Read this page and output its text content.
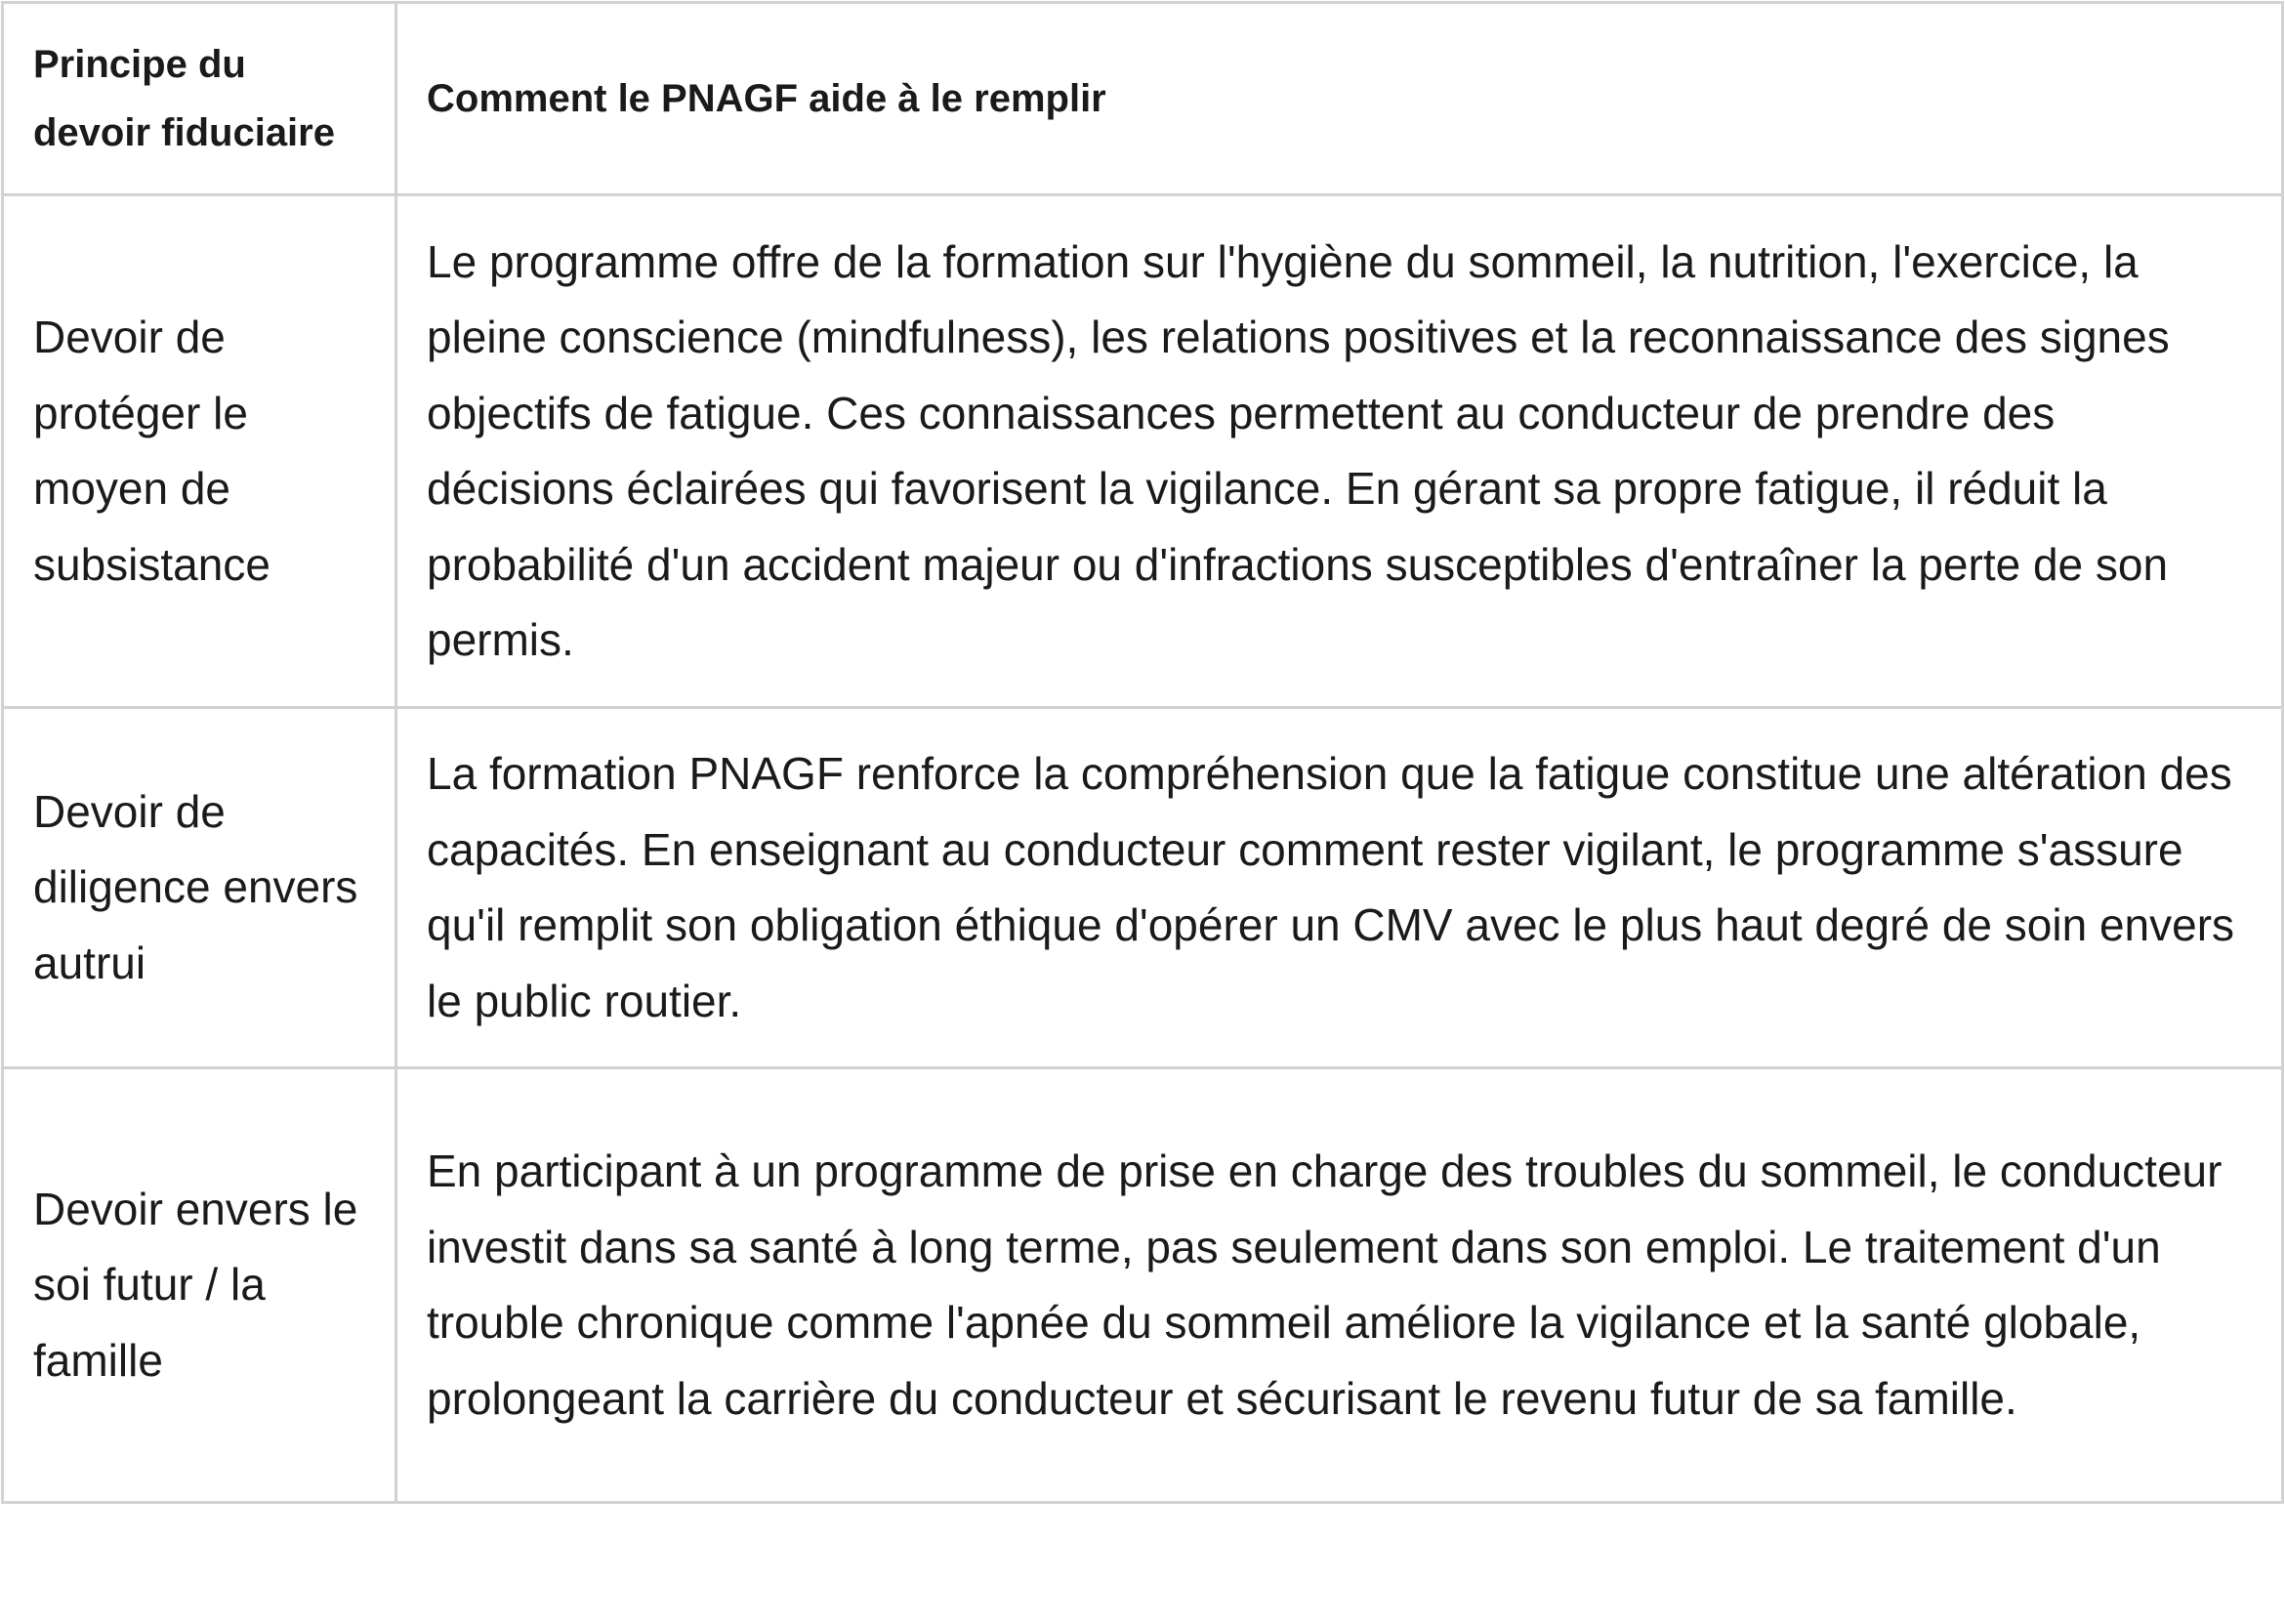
Principe du devoir fiduciaire	Comment le PNAGF aide à le remplir
Devoir de protéger le moyen de subsistance	Le programme offre de la formation sur l'hygiène du sommeil, la nutrition, l'exercice, la pleine conscience (mindfulness), les relations positives et la reconnaissance des signes objectifs de fatigue. Ces connaissances permettent au conducteur de prendre des décisions éclairées qui favorisent la vigilance. En gérant sa propre fatigue, il réduit la probabilité d'un accident majeur ou d'infractions susceptibles d'entraîner la perte de son permis.
Devoir de diligence envers autrui	La formation PNAGF renforce la compréhension que la fatigue constitue une altération des capacités. En enseignant au conducteur comment rester vigilant, le programme s'assure qu'il remplit son obligation éthique d'opérer un CMV avec le plus haut degré de soin envers le public routier.
Devoir envers le soi futur / la famille	En participant à un programme de prise en charge des troubles du sommeil, le conducteur investit dans sa santé à long terme, pas seulement dans son emploi. Le traitement d'un trouble chronique comme l'apnée du sommeil améliore la vigilance et la santé globale, prolongeant la carrière du conducteur et sécurisant le revenu futur de sa famille.
